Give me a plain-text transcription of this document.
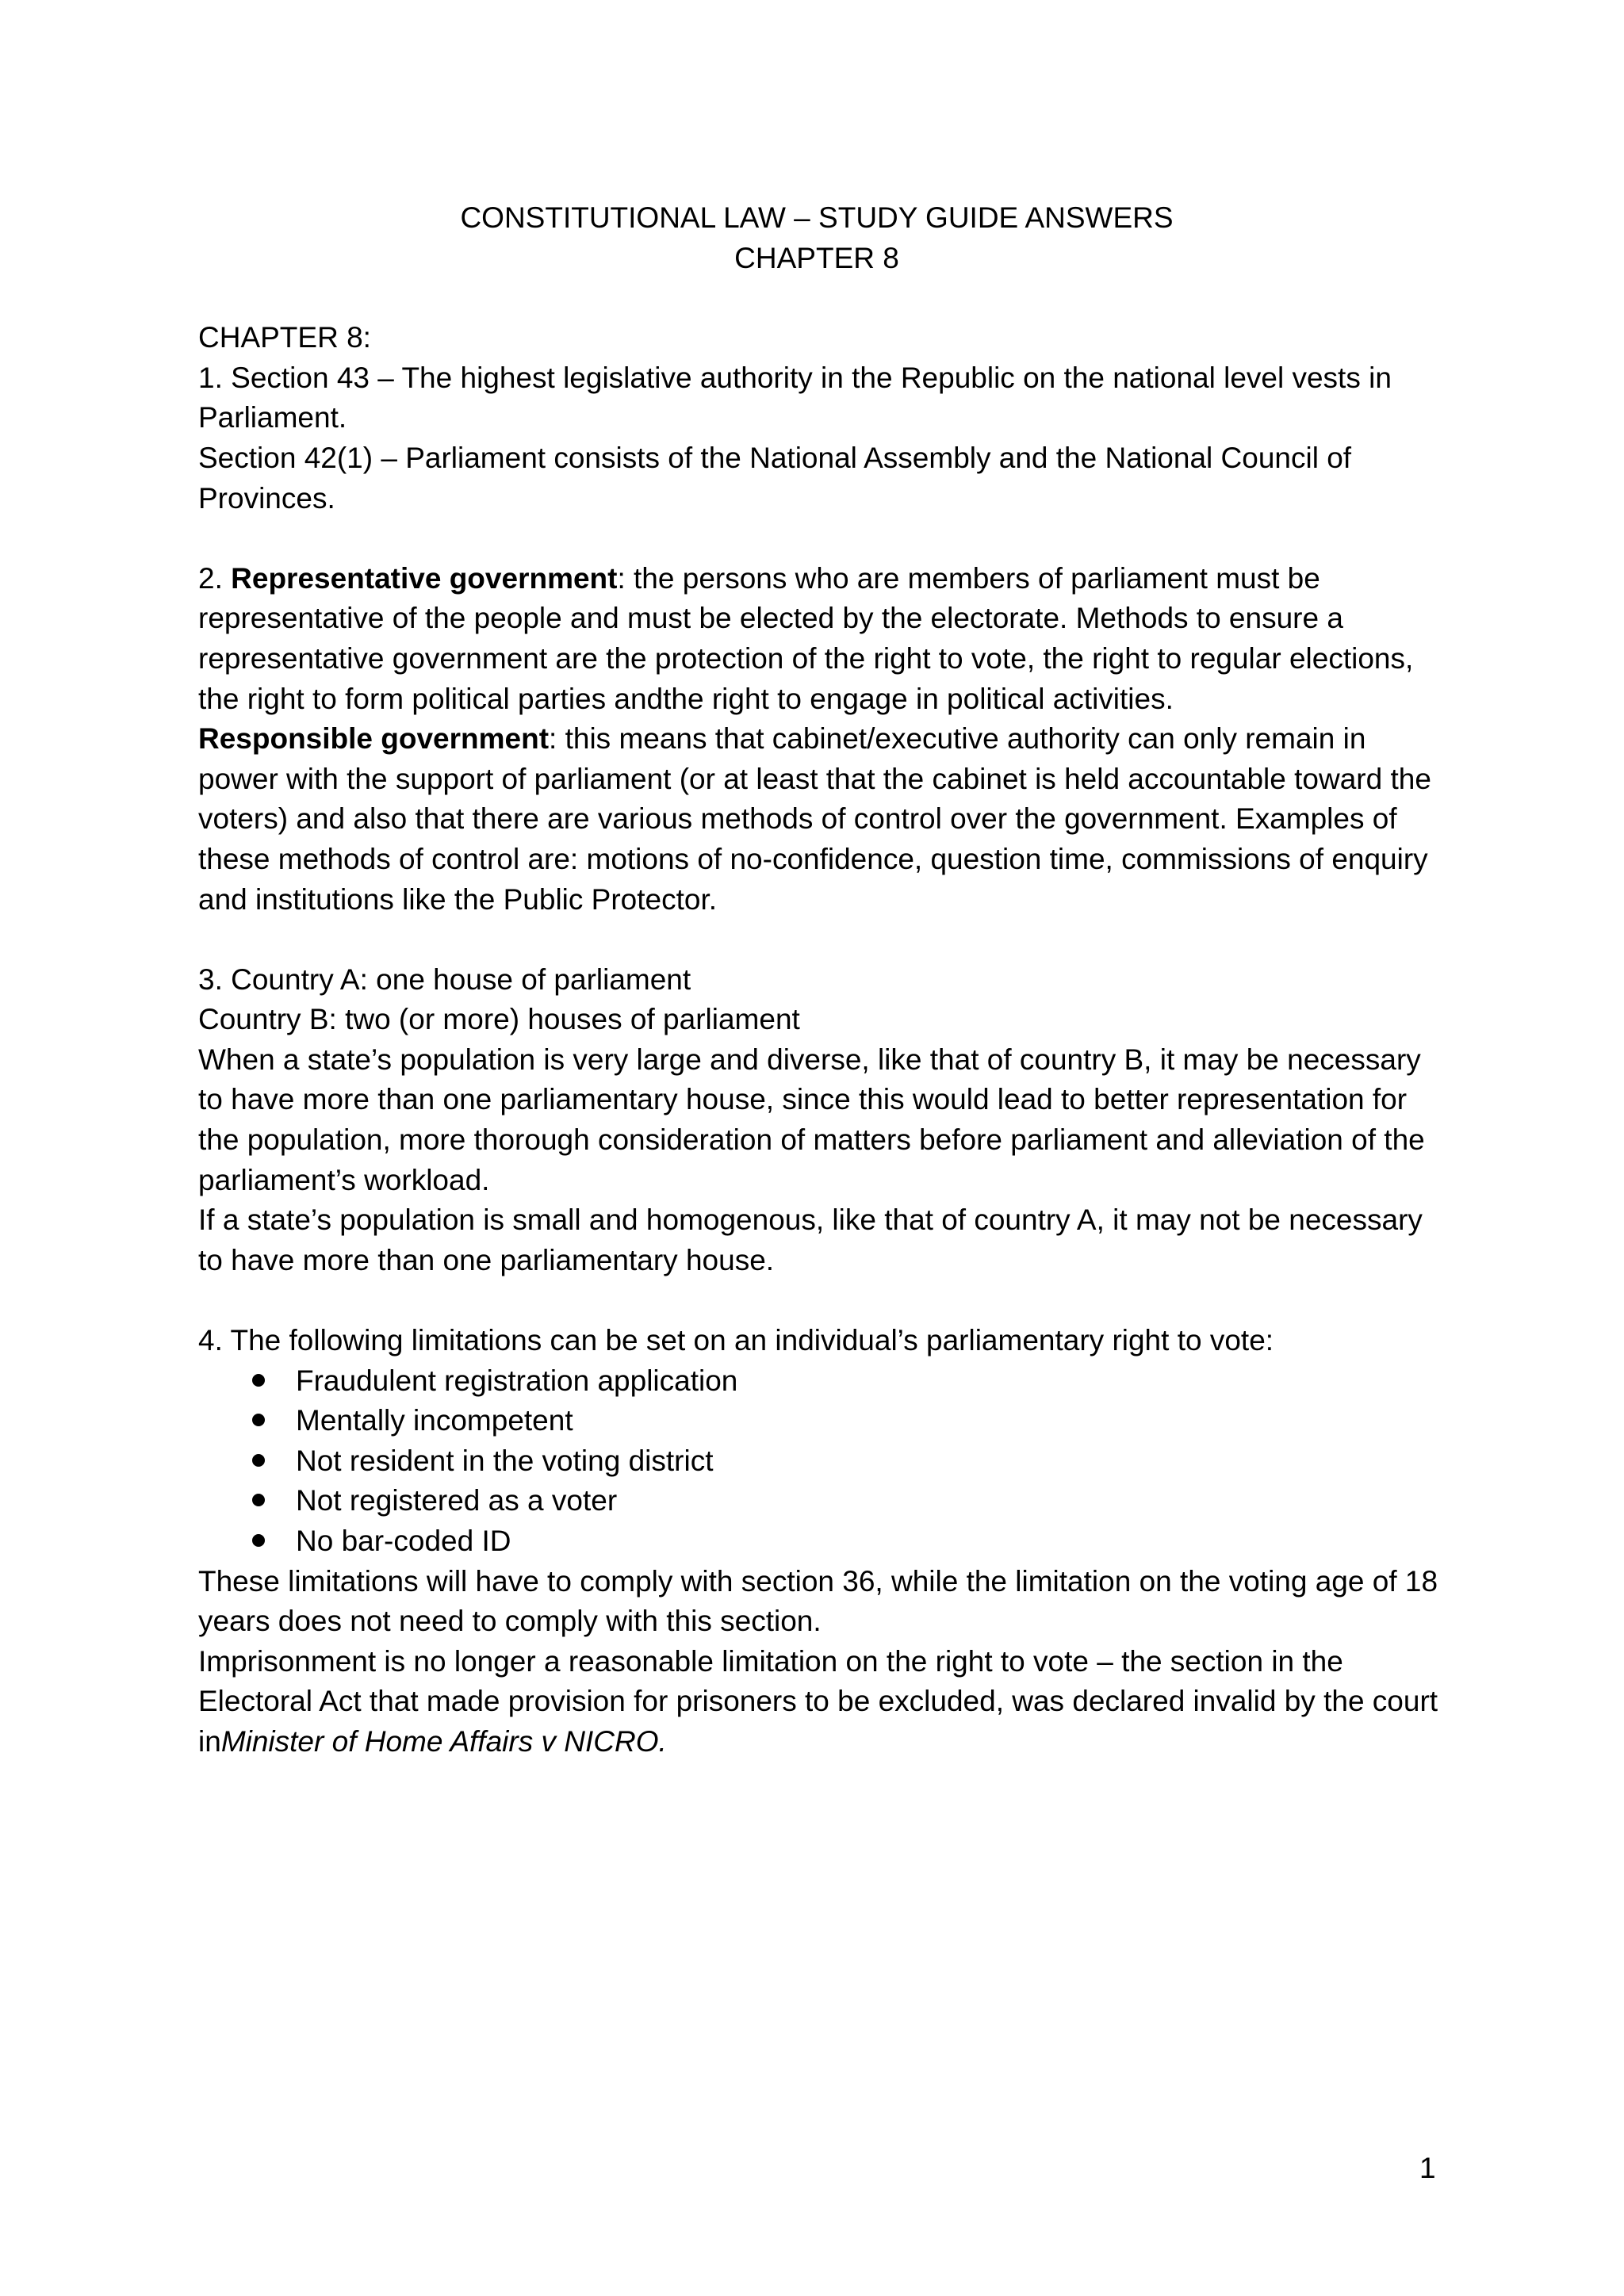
CONSTITUTIONAL LAW – STUDY GUIDE ANSWERS
CHAPTER 8

CHAPTER 8:

1. Section 43 – The highest legislative authority in the Republic on the national level vests in Parliament.

Section 42(1) – Parliament consists of the National Assembly and the National Council of Provinces.

2. Representative government: the persons who are members of parliament must be representative of the people and must be elected by the electorate. Methods to ensure a representative government are the protection of the right to vote, the right to regular elections, the right to form political parties andthe right to engage in political activities.

Responsible government: this means that cabinet/executive authority can only remain in power with the support of parliament (or at least that the cabinet is held accountable toward the voters) and also that there are various methods of control over the government. Examples of these methods of control are: motions of no-confidence, question time, commissions of enquiry and institutions like the Public Protector.

3. Country A: one house of parliament

Country B: two (or more) houses of parliament

When a state’s population is very large and diverse, like that of country B, it may be necessary to have more than one parliamentary house, since this would lead to better representation for the population, more thorough consideration of matters before parliament and alleviation of the parliament’s workload.

If a state’s population is small and homogenous, like that of country A, it may not be necessary to have more than one parliamentary house.

4. The following limitations can be set on an individual’s parliamentary right to vote:

Fraudulent registration application
Mentally incompetent
Not resident in the voting district
Not registered as a voter
No bar-coded ID

These limitations will have to comply with section 36, while the limitation on the voting age of 18 years does not need to comply with this section.

Imprisonment is no longer a reasonable limitation on the right to vote – the section in the Electoral Act that made provision for prisoners to be excluded, was declared invalid by the court inMinister of Home Affairs v NICRO.

1
